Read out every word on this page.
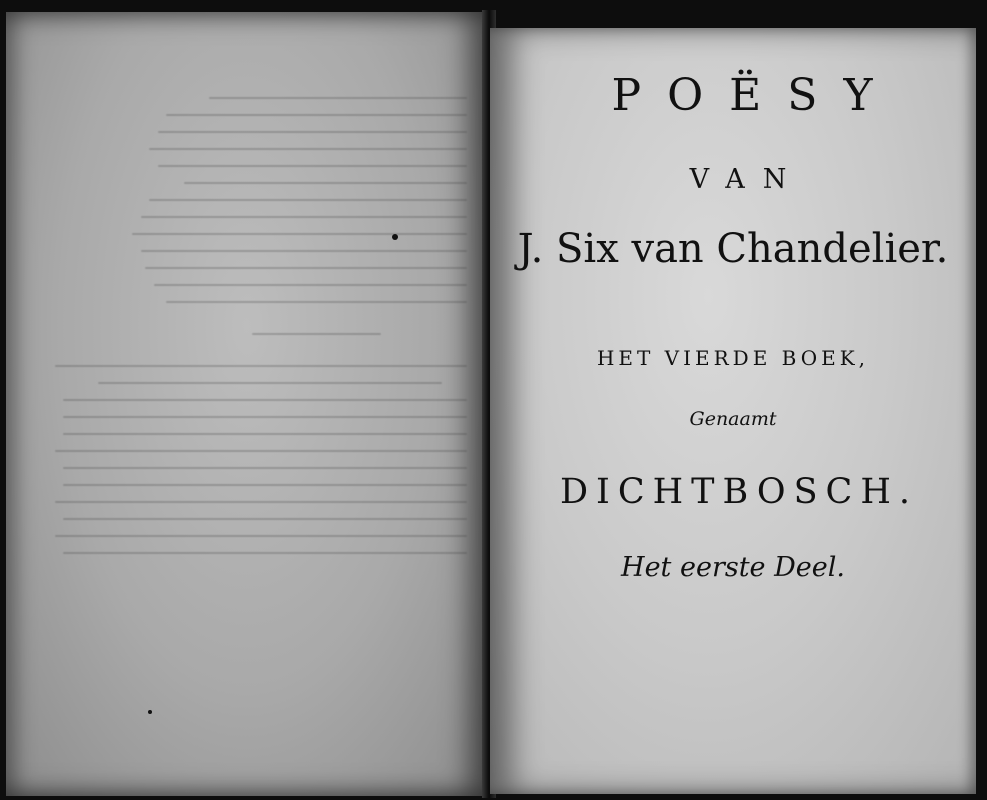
POËSY
VAN
J. Six van Chandelier.
HET VIERDE BOEK,
Genaamt
DICHTBOSCH.
Het eerste Deel.
